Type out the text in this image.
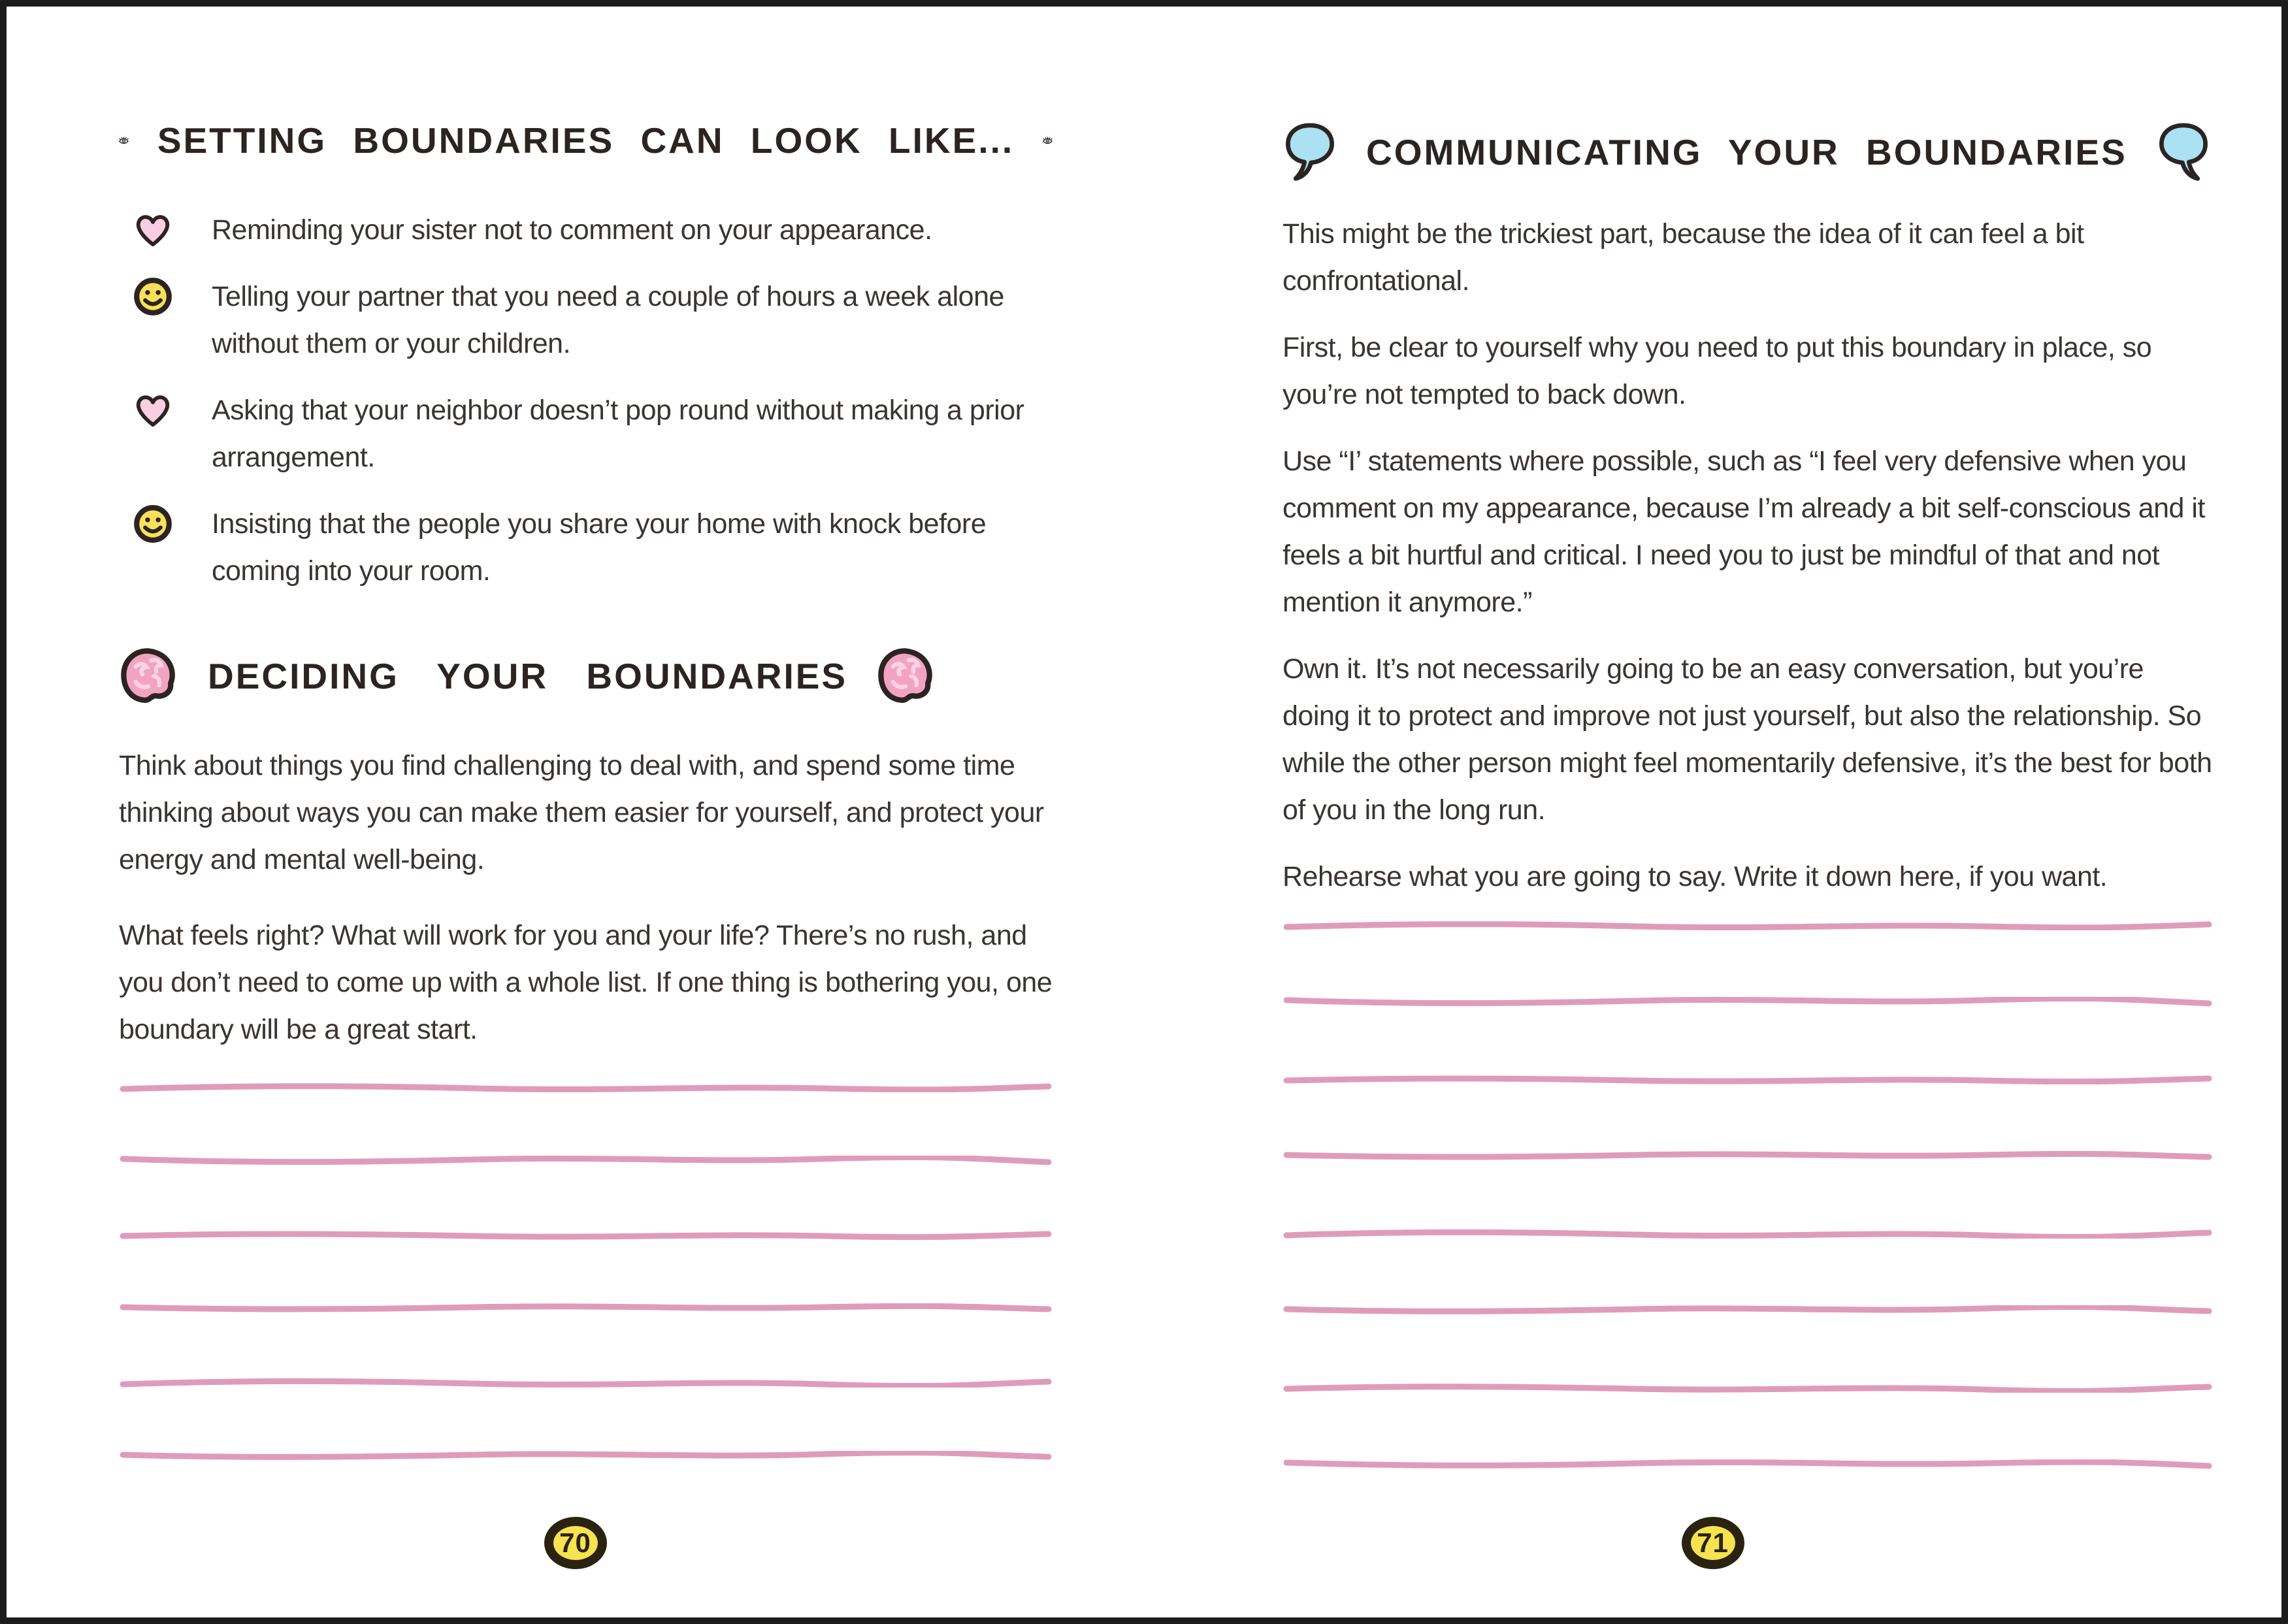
SETTING BOUNDARIES CAN LOOK LIKE...
Reminding your sister not to comment on your appearance.
Telling your partner that you need a couple of hours a week alone without them or your children.
Asking that your neighbor doesn’t pop round without making a prior arrangement.
Insisting that the people you share your home with knock before coming into your room.
DECIDING YOUR BOUNDARIES

Think about things you find challenging to deal with, and spend some time thinking about ways you can make them easier for yourself, and protect your energy and mental well-being.

What feels right? What will work for you and your life? There’s no rush, and you don’t need to come up with a whole list. If one thing is bothering you, one boundary will be a great start.

70
COMMUNICATING YOUR BOUNDARIES

This might be the trickiest part, because the idea of it can feel a bit confrontational.

First, be clear to yourself why you need to put this boundary in place, so you’re not tempted to back down.

Use “I’ statements where possible, such as “I feel very defensive when you comment on my appearance, because I’m already a bit self-conscious and it feels a bit hurtful and critical. I need you to just be mindful of that and not mention it anymore.”

Own it. It’s not necessarily going to be an easy conversation, but you’re doing it to protect and improve not just yourself, but also the relationship. So while the other person might feel momentarily defensive, it’s the best for both of you in the long run.

Rehearse what you are going to say. Write it down here, if you want.

71
